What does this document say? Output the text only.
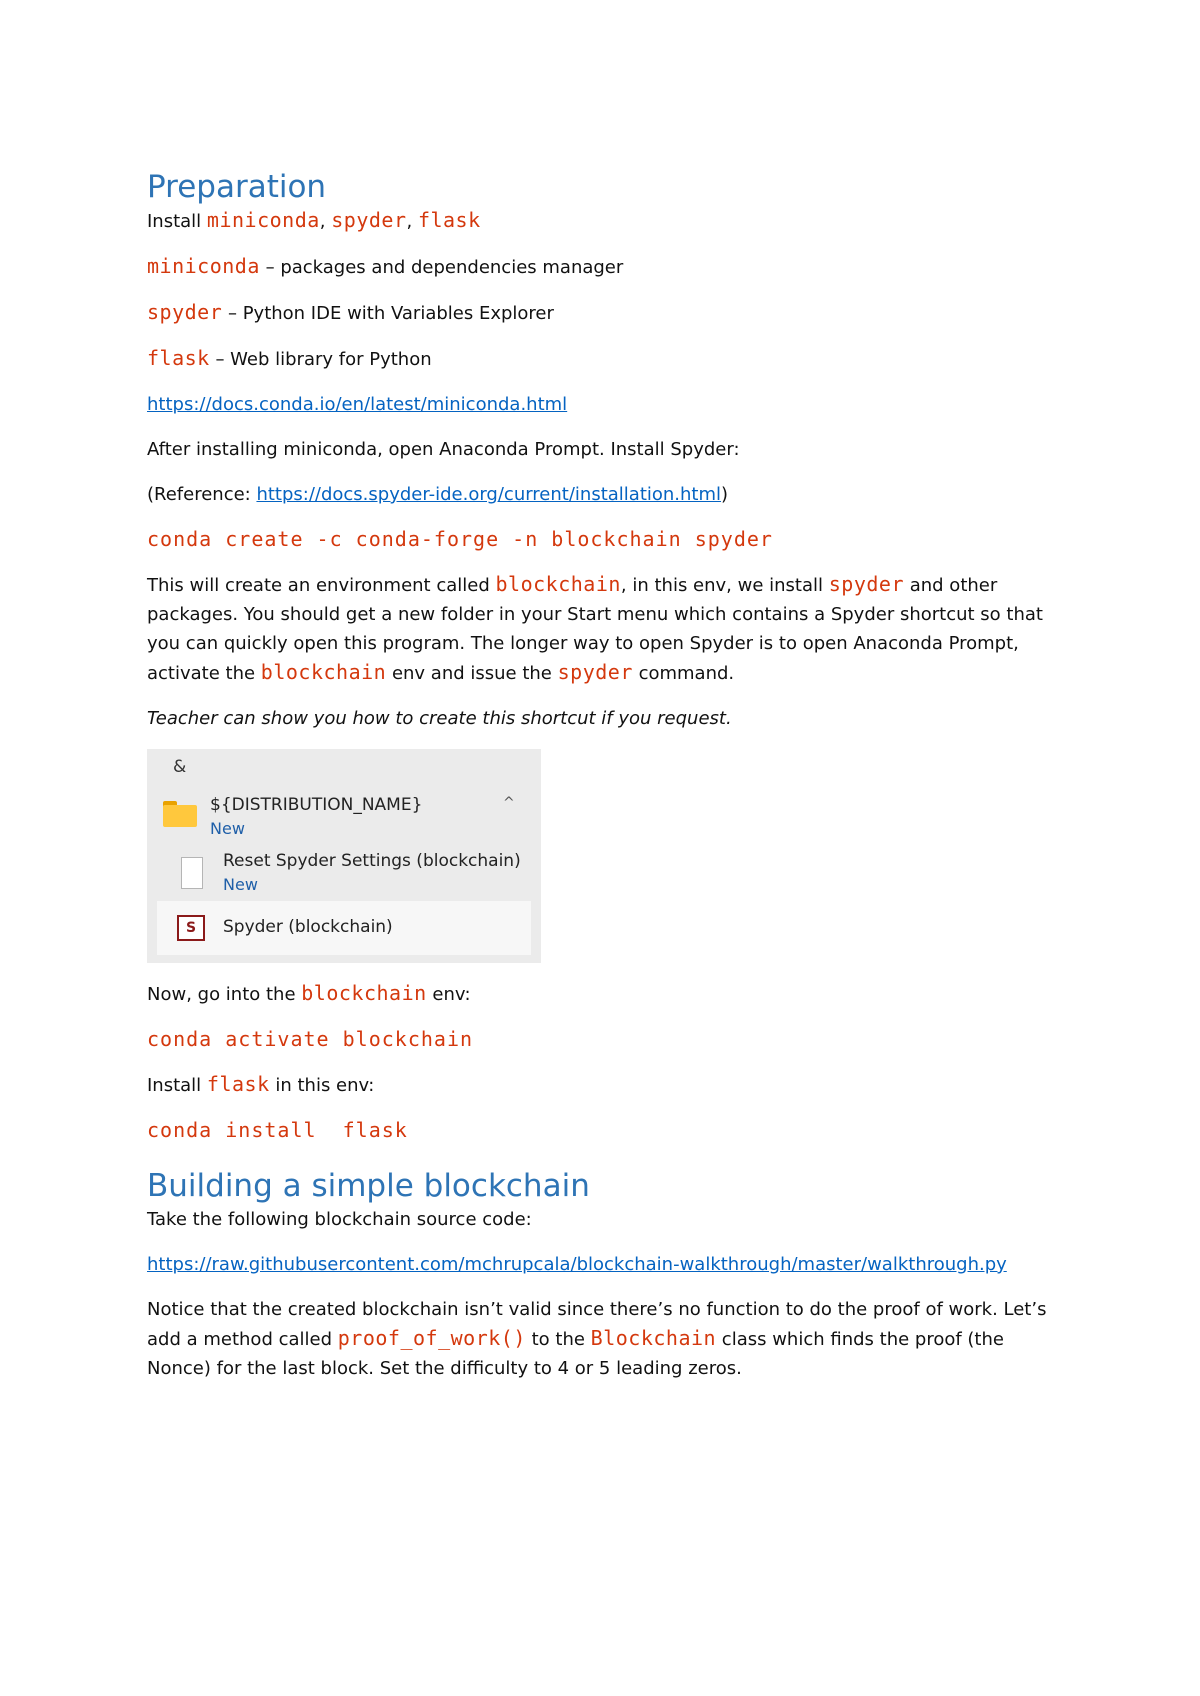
Preparation

Install miniconda, spyder, flask

miniconda – packages and dependencies manager

spyder – Python IDE with Variables Explorer

flask – Web library for Python

https://docs.conda.io/en/latest/miniconda.html

After installing miniconda, open Anaconda Prompt. Install Spyder:

(Reference: https://docs.spyder-ide.org/current/installation.html)

conda create -c conda-forge -n blockchain spyder

This will create an environment called blockchain, in this env, we install spyder and other packages. You should get a new folder in your Start menu which contains a Spyder shortcut so that you can quickly open this program. The longer way to open Spyder is to open Anaconda Prompt, activate the blockchain env and issue the spyder command.

Teacher can show you how to create this shortcut if you request.

&
${DISTRIBUTION_NAME}
New
^
Reset Spyder Settings (blockchain)
New
S	Spyder (blockchain)

Now, go into the blockchain env:

conda activate blockchain

Install flask in this env:

conda install  flask

Building a simple blockchain

Take the following blockchain source code:

https://raw.githubusercontent.com/mchrupcala/blockchain-walkthrough/master/walkthrough.py

Notice that the created blockchain isn’t valid since there’s no function to do the proof of work. Let’s add a method called proof_of_work() to the Blockchain class which finds the proof (the Nonce) for the last block. Set the difficulty to 4 or 5 leading zeros.
